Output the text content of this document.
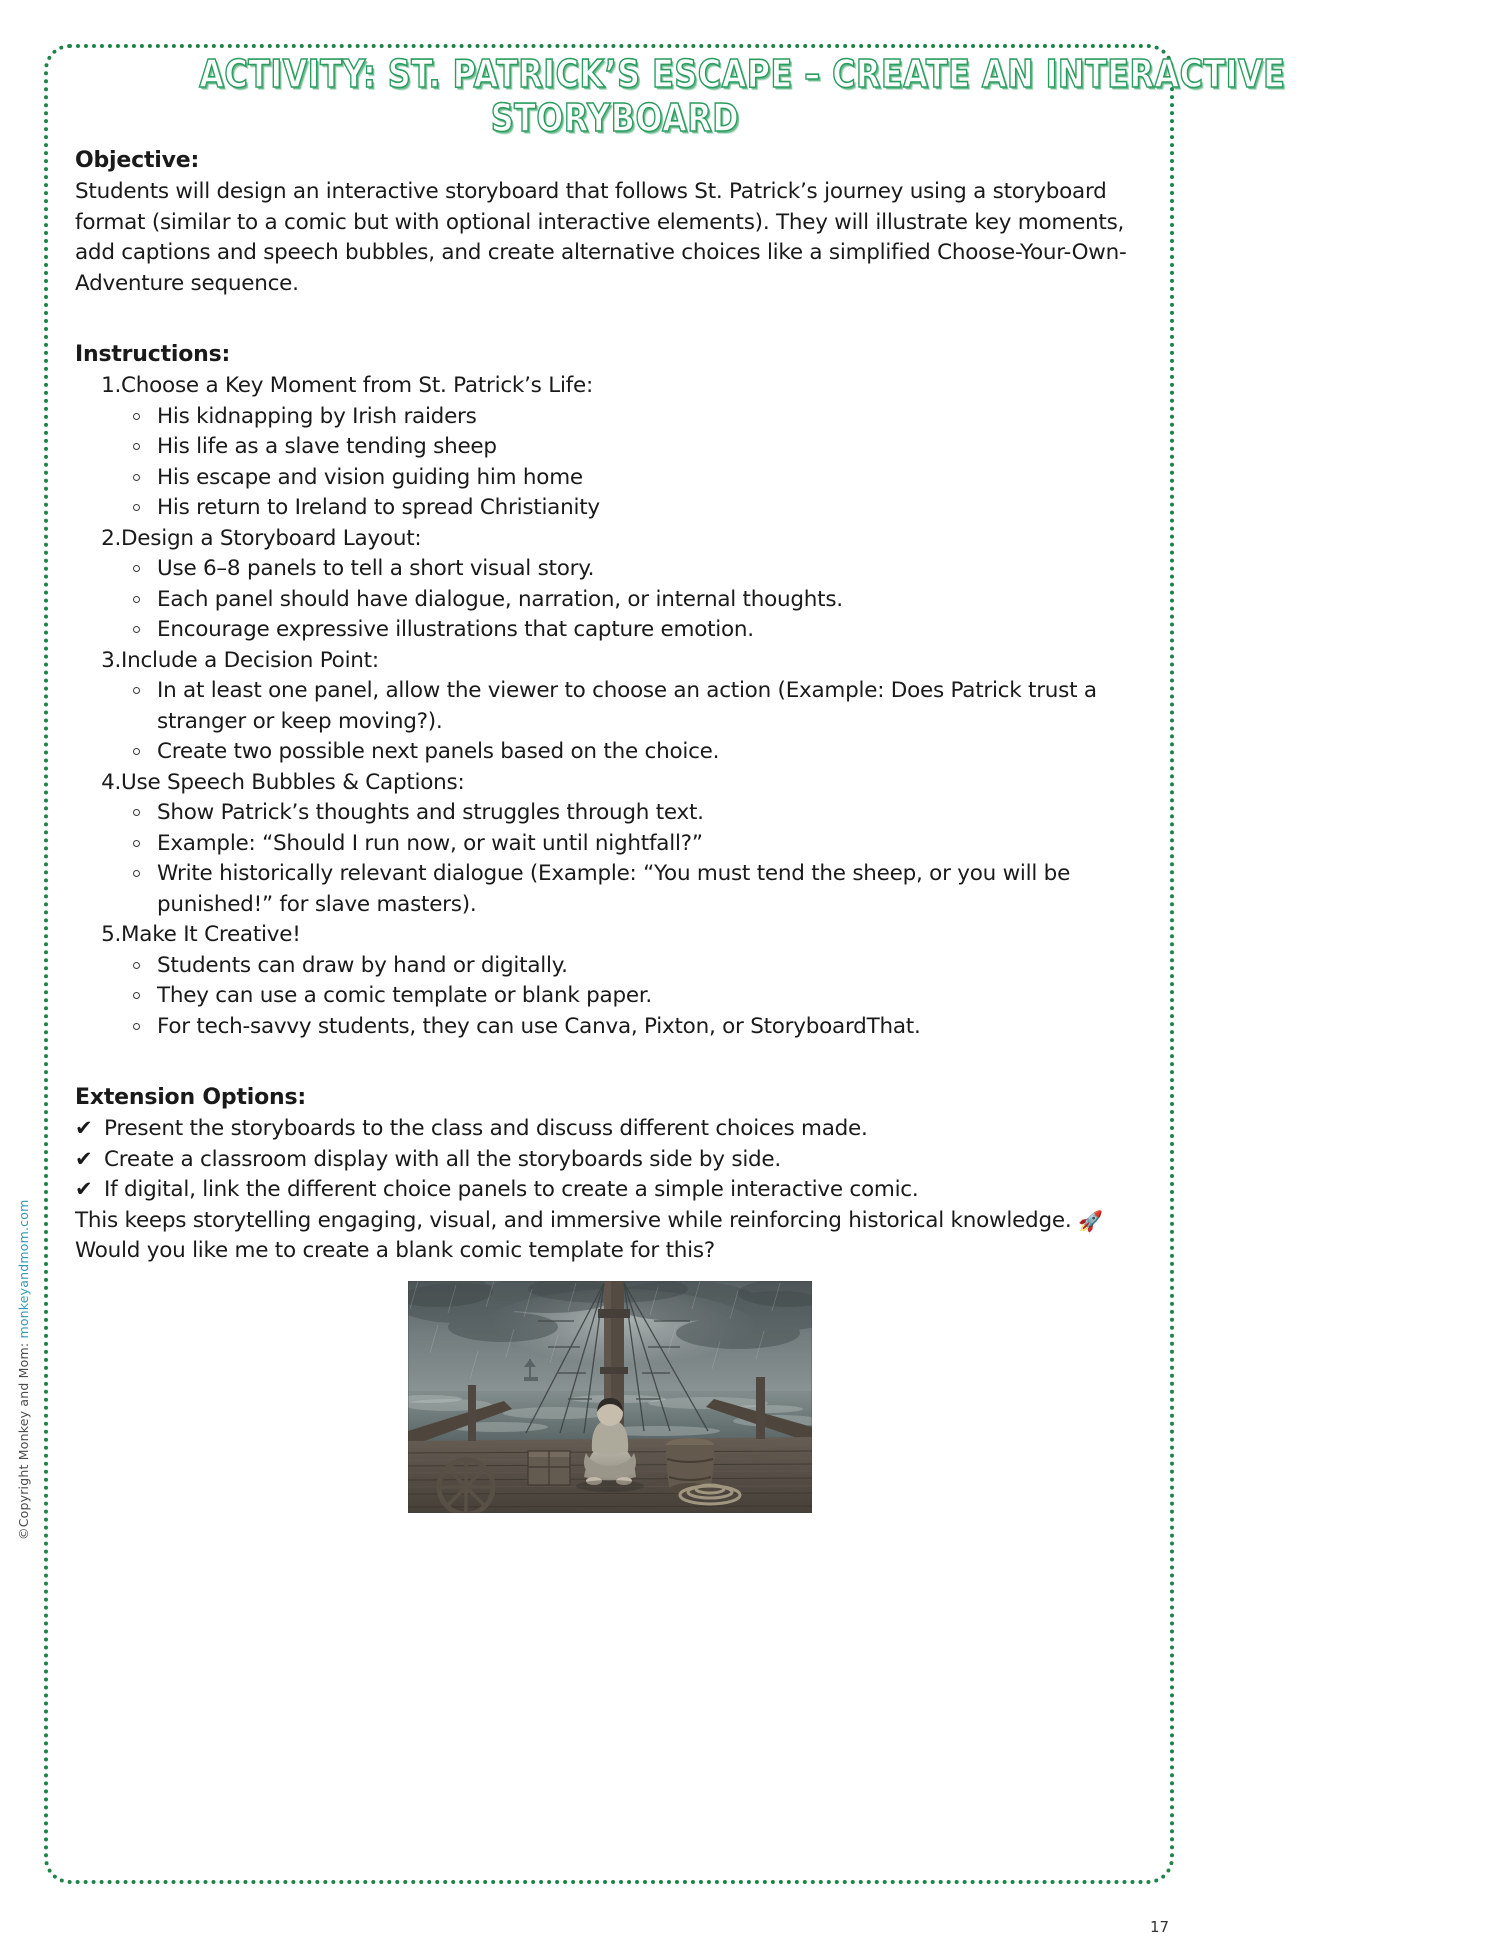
ACTIVITY: ST. PATRICK’S ESCAPE – CREATE AN INTERACTIVE
STORYBOARD
Objective:

Students will design an interactive storyboard that follows St. Patrick’s journey using a storyboard format (similar to a comic but with optional interactive elements). They will illustrate key moments, add captions and speech bubbles, and create alternative choices like a simplified Choose-Your-Own-Adventure sequence.

Instructions:
1. Choose a Key Moment from St. Patrick’s Life:
His kidnapping by Irish raiders
His life as a slave tending sheep
His escape and vision guiding him home
His return to Ireland to spread Christianity
2. Design a Storyboard Layout:
Use 6–8 panels to tell a short visual story.
Each panel should have dialogue, narration, or internal thoughts.
Encourage expressive illustrations that capture emotion.
3. Include a Decision Point:
In at least one panel, allow the viewer to choose an action (Example: Does Patrick trust a stranger or keep moving?).
Create two possible next panels based on the choice.
4. Use Speech Bubbles & Captions:
Show Patrick’s thoughts and struggles through text.
Example: “Should I run now, or wait until nightfall?”
Write historically relevant dialogue (Example: “You must tend the sheep, or you will be punished!” for slave masters).
5. Make It Creative!
Students can draw by hand or digitally.
They can use a comic template or blank paper.
For tech-savvy students, they can use Canva, Pixton, or StoryboardThat.
Extension Options:
✔ Present the storyboards to the class and discuss different choices made.
✔ Create a classroom display with all the storyboards side by side.
✔ If digital, link the different choice panels to create a simple interactive comic.

This keeps storytelling engaging, visual, and immersive while reinforcing historical knowledge. 🚀

Would you like me to create a blank comic template for this?

©Copyright Monkey and Mom: monkeyandmom.com
17
